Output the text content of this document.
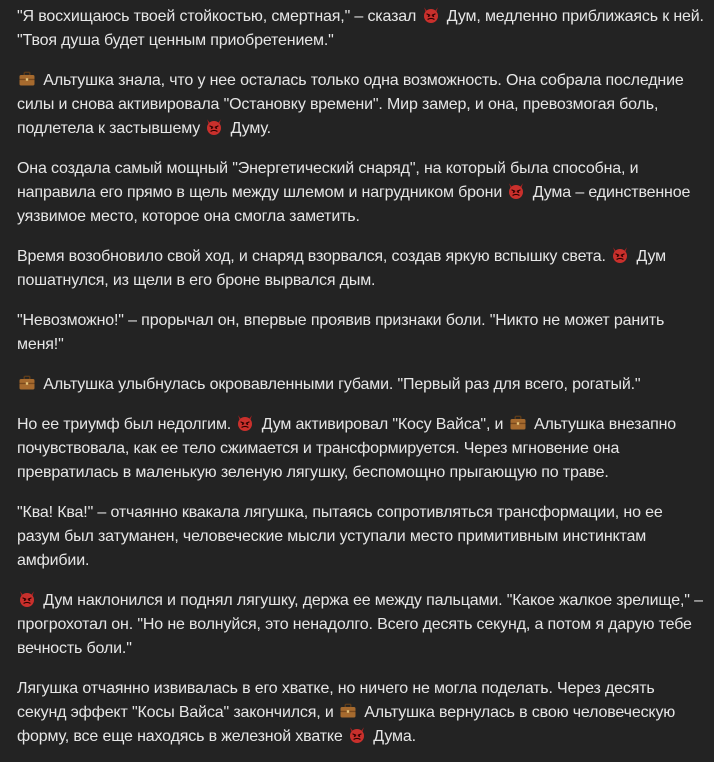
"Я восхищаюсь твоей стойкостью, смертная," – сказал
Дум, медленно приближаясь к ней. "Твоя душа будет ценным приобретением."

Альтушка знала, что у нее осталась только одна возможность. Она собрала последние силы и снова активировала "Остановку времени". Мир замер, и она, превозмогая боль, подлетела к застывшему
Думу.

Она создала самый мощный "Энергетический снаряд", на который была способна, и направила его прямо в щель между шлемом и нагрудником брони
Дума – единственное уязвимое место, которое она смогла заметить.

Время возобновило свой ход, и снаряд взорвался, создав яркую вспышку света.
Дум пошатнулся, из щели в его броне вырвался дым.

"Невозможно!" – прорычал он, впервые проявив признаки боли. "Никто не может ранить меня!"

Альтушка улыбнулась окровавленными губами. "Первый раз для всего, рогатый."

Но ее триумф был недолгим.
Дум активировал "Косу Вайса", и
Альтушка внезапно почувствовала, как ее тело сжимается и трансформируется. Через мгновение она превратилась в маленькую зеленую лягушку, беспомощно прыгающую по траве.

"Ква! Ква!" – отчаянно квакала лягушка, пытаясь сопротивляться трансформации, но ее разум был затуманен, человеческие мысли уступали место примитивным инстинктам амфибии.

Дум наклонился и поднял лягушку, держа ее между пальцами. "Какое жалкое зрелище," – прогрохотал он. "Но не волнуйся, это ненадолго. Всего десять секунд, а потом я дарую тебе вечность боли."

Лягушка отчаянно извивалась в его хватке, но ничего не могла поделать. Через десять секунд эффект "Косы Вайса" закончился, и
Альтушка вернулась в свою человеческую форму, все еще находясь в железной хватке
Дума.
